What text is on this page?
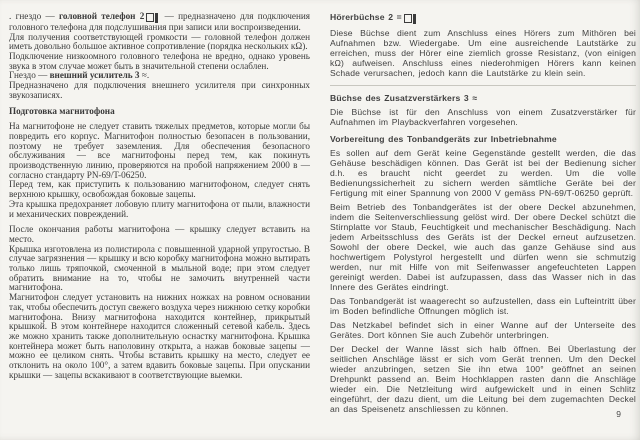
. гнездо — головной телефон 2 — предназначено для подключения головного телефона для подслушивания при записи или воспроизведении.

Для получения соответствующей громкости — головной телефон должен иметь довольно большое активное сопротивление (порядка нескольких кΩ).

Подключение низкоомного головного телефона не вредно, однако уровень звука в этом случае может быть в значительной степени ослаблен.

Гнездо — внешний усилитель 3 ≈.

Предназначено для подключения внешнего усилителя при синхронных звукозаписях.

Подготовка магнитофона

На магнитофоне не следует ставить тяжелых предметов, которые могли бы повредить его корпус. Магнитофон полностью безопасен в пользовании, поэтому не требует заземления. Для обеспечения безопасного обслуживания — все магнитофоны перед тем, как покинуть производственную линию, проверяются на пробой напряжением 2000 в — согласно стандарту PN-69/T-06250.

Перед тем, как приступить к пользованию магнитофоном, следует снять верхнюю крышку, освобождая боковые зацепы.

Эта крышка предохраняет лобовую плиту магнитофона от пыли, влажности и механических повреждений.

После окончания работы магнитофона — крышку следует вставить на место.

Крышка изготовлена из полистирола с повышенной ударной упругостью. В случае загрязнения — крышку и всю коробку магнитофона можно вытирать только лишь тряпочкой, смоченной в мыльной воде; при этом следует обратить внимание на то, чтобы не замочить внутренней части магнитофона.

Магнитофон следует установить на нижних ножках на ровном основании так, чтобы обеспечить доступ свежего воздуха через нижнюю сетку коробки магнитофона. Внизу магнитофона находится контейнер, прикрытый крышкой. В этом контейнере находится сложенный сетевой кабель. Здесь же можно хранить также дополнительную оснастку магнитофона. Крышка контейнера может быть наполовину открыта, а нажав боковые зацепы — можно ее целиком снять. Чтобы вставить крышку на место, следует ее отклонить на около 100°, а затем вдавить боковые зацепы. При опускании крышки — зацепы вскакивают в соответствующие выемки.

Hörerbüchse 2 =

Diese Büchse dient zum Anschluss eines Hörers zum Mithören bei Aufnahmen bzw. Wiedergabe. Um eine ausreichende Lautstärke zu erreichen, muss der Hörer eine ziemlich grosse Resistanz, (von einigen kΩ) aufweisen. Anschluss eines niederohmigen Hörers kann keinen Schade verursachen, jedoch kann die Lautstärke zu klein sein.

Büchse des Zusatzverstärkers 3 ≈

Die Büchse ist für den Anschluss von einem Zusatzverstärker für Aufnahmen im Playbackverfahren vorgesehen.

Vorbereitung des Tonbandgeräts zur Inbetriebnahme

Es sollen auf dem Gerät keine Gegenstände gestellt werden, die das Gehäuse beschädigen können. Das Gerät ist bei der Bedienung sicher d.h. es braucht nicht geerdet zu werden. Um die volle Bedienungssicherheit zu sichern werden sämtliche Geräte bei der Fertigung mit einer Spannung von 2000 V gemäss PN-69/T-06250 geprüft.

Beim Betrieb des Tonbandgerätes ist der obere Deckel abzunehmen, indem die Seitenverschliessung gelöst wird. Der obere Deckel schützt die Stirnplatte vor Staub, Feuchtigkeit und mechanischer Beschädigung. Nach jedem Arbeitsschluss des Geräts ist der Deckel erneut aufzusetzen. Sowohl der obere Deckel, wie auch das ganze Gehäuse sind aus hochwertigem Polystyrol hergestellt und dürfen wenn sie schmutzig werden, nur mit Hilfe von mit Seifenwasser angefeuchteten Lappen gereinigt werden. Dabei ist aufzupassen, dass das Wasser nich in das Innere des Gerätes eindringt.

Das Tonbandgerät ist waagerecht so aufzustellen, dass ein Lufteintritt über im Boden befindliche Öffnungen möglich ist.

Das Netzkabel befindet sich in einer Wanne auf der Unterseite des Gerätes. Dort können Sie auch Zubehör unterbringen.

Der Deckel der Wanne lässt sich halb öffnen. Bei Überlastung der seitlichen Anschläge lässt er sich vom Gerät trennen. Um den Deckel wieder anzubringen, setzen Sie ihn etwa 100° geöffnet an seinen Drehpunkt passend an. Beim Hochklappen rasten dann die Anschläge wieder ein. Die Netzleitung wird aufgewickelt und in einen Schlitz eingeführt, der dazu dient, um die Leitung bei dem zugemachten Deckel an das Speisenetz anschliessen zu können.

9
